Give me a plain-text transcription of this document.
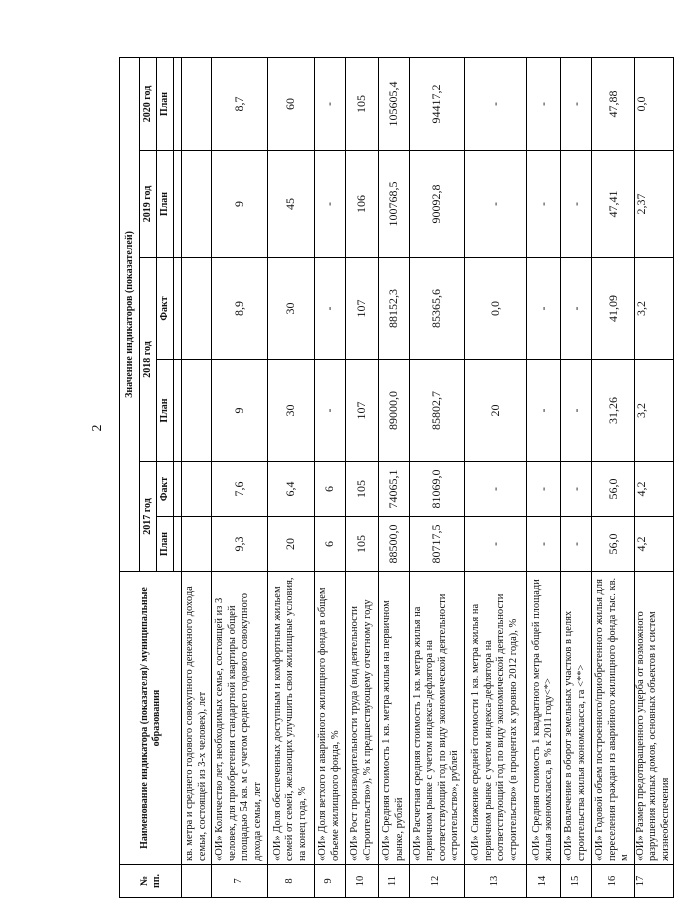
2
№ пп.	Наименование индикатора (показателя)/ муниципальные образования	Значение индикаторов (показателей)					
		2017 год		2018 год		2019 год	2020 год
		План	Факт	План	Факт	План	План

	кв. метра и среднего годового совокупного денежного дохода семьи, состоящей из 3-х человек), лет						
7	«ОИ» Количество лет, необходимых семье, состоящей из 3 человек, для приобретения стандартной квартиры общей площадью 54 кв. м с учетом среднего годового совокупного дохода семьи, лет	9,3	7,6	9	8,9	9	8,7
8	«ОИ» Доля обеспеченных доступным и комфортным жильем семей от семей, желающих улучшить свои жилищные условия, на конец года, %	20	6,4	30	30	45	60
9	«ОИ» Доля ветхого и аварийного жилищного фонда в общем объеме жилищного фонда, %	6	6	-	-	-	-
10	«ОИ» Рост производительности труда (вид деятельности «Строительство»), % к предшествующему отчетному году	105	105	107	107	106	105
11	«ОИ» Средняя стоимость 1 кв. метра жилья на первичном рынке, рублей	88500,0	74065,1	89000,0	88152,3	100768,5	105605,4
12	«ОИ» Расчетная средняя стоимость 1 кв. метра жилья на первичном рынке с учетом индекса-дефлятора на соответствующий год по виду экономической деятельности «строительство», рублей	80717,5	81069,0	85802,7	85365,6	90092,8	94417,2
13	«ОИ» Снижение средней стоимости 1 кв. метра жилья на первичном рынке с учетом индекса-дефлятора на соответствующий год по виду экономической деятельности «строительство» (в процентах к уровню 2012 года), %	-	-	20	0,0	-	-
14	«ОИ» Средняя стоимость 1 квадратного метра общей площади жилья экономкласса, в % к 2011 году<*>	-	-	-	-	-	-
15	«ОИ» Вовлечение в оборот земельных участков в целях строительства жилья экономкласса, га <**>	-	-	-	-	-	-
16	«ОИ» Годовой объем построенного/приобретенного жилья для переселения граждан из аварийного жилищного фонда тыс. кв. м	56,0	56,0	31,26	41,09	47,41	47,88
17	«ОИ» Размер предотвращенного ущерба от возможного разрушения жилых домов, основных объектов и систем жизнеобеспечения	4,2	4,2	3,2	3,2	2,37	0,0
